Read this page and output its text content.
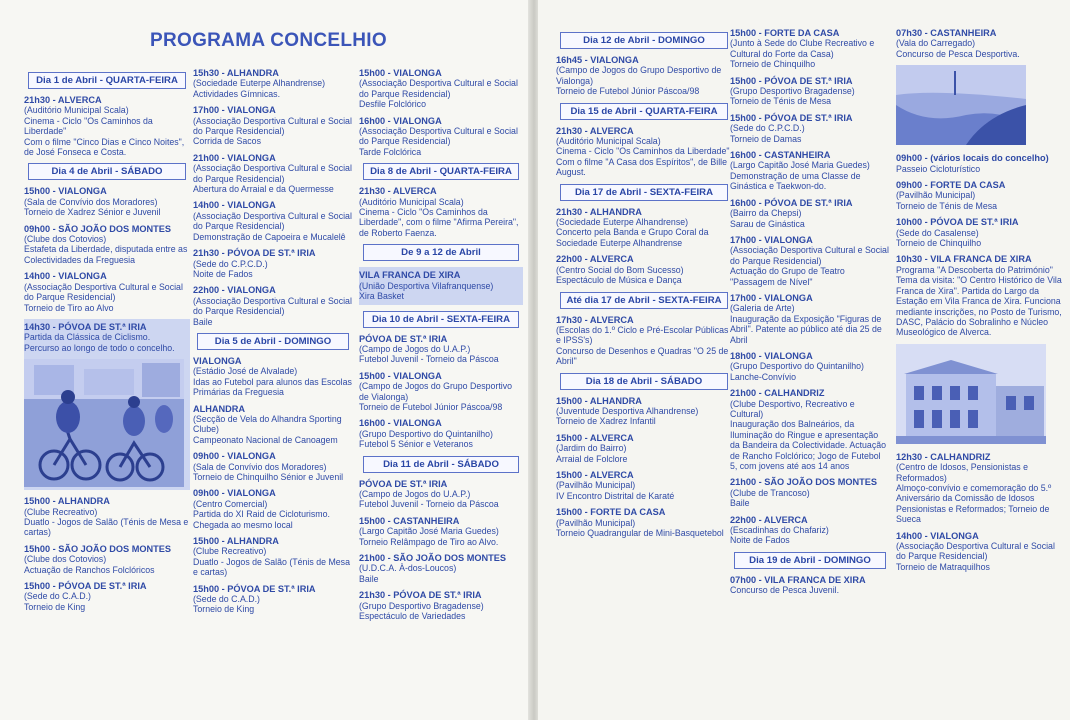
Dia 1 de Abril - QUARTA-FEIRA
21h30 - ALVERCA
(Auditório Municipal Scala)
Cinema - Ciclo "Os Caminhos da Liberdade"
Com o filme "Cinco Dias e Cinco Noites", de José Fonseca e Costa.
Dia 4 de Abril - SÁBADO
15h00 - VIALONGA
(Sala de Convívio dos Moradores)
Torneio de Xadrez Sénior e Juvenil
09h00 - SÃO JOÃO DOS MONTES
(Clube dos Cotovios)
Estafeta da Liberdade, disputada entre as Colectividades da Freguesia
14h00 - VIALONGA
(Associação Desportiva Cultural e Social do Parque Residencial)
Torneio de Tiro ao Alvo
14h30 - PÓVOA DE ST.ª IRIA
Partida da Clássica de Ciclismo.
Percurso ao longo de todo o concelho.
15h00 - ALHANDRA
(Clube Recreativo)
Duatlo - Jogos de Salão (Ténis de Mesa e cartas)
15h00 - SÃO JOÃO DOS MONTES
(Clube dos Cotovios)
Actuação de Ranchos Folclóricos
15h00 - PÓVOA DE ST.ª IRIA
(Sede do C.A.D.)
Torneio de King
15h30 - ALHANDRA
(Sociedade Euterpe Alhandrense)
Actividades Gímnicas.
17h00 - VIALONGA
(Associação Desportiva Cultural e Social do Parque Residencial)
Corrida de Sacos
21h00 - VIALONGA
(Associação Desportiva Cultural e Social do Parque Residencial)
Abertura do Arraial e da Quermesse
14h00 - VIALONGA
(Associação Desportiva Cultural e Social do Parque Residencial)
Demonstração de Capoeira e Mucalelê
21h30 - PÓVOA DE ST.ª IRIA
(Sede do C.P.C.D.)
Noite de Fados
22h00 - VIALONGA
(Associação Desportiva Cultural e Social do Parque Residencial)
Baile
Dia 5 de Abril - DOMINGO
VIALONGA
(Estádio José de Alvalade)
Idas ao Futebol para alunos das Escolas Primárias da Freguesia
ALHANDRA
(Secção de Vela do Alhandra Sporting Clube)
Campeonato Nacional de Canoagem
09h00 - VIALONGA
(Sala de Convívio dos Moradores)
Torneio de Chinquilho Sénior e Juvenil
09h00 - VIALONGA
(Centro Comercial)
Partida do XI Raid de Cicloturismo.
Chegada ao mesmo local
15h00 - ALHANDRA
(Clube Recreativo)
Duatlo - Jogos de Salão (Ténis de Mesa e cartas)
15h00 - PÓVOA DE ST.ª IRIA
(Sede do C.A.D.)
Torneio de King
15h00 - VIALONGA
(Associação Desportiva Cultural e Social do Parque Residencial)
Desfile Folclórico
16h00 - VIALONGA
(Associação Desportiva Cultural e Social do Parque Residencial)
Tarde Folclórica
Dia 8 de Abril - QUARTA-FEIRA
21h30 - ALVERCA
(Auditório Municipal Scala)
Cinema - Ciclo "Os Caminhos da Liberdade", com o filme "Afirma Pereira", de Roberto Faenza.
De 9 a 12 de Abril
VILA FRANCA DE XIRA
(União Desportiva Vilafranquense)
Xira Basket
Dia 10 de Abril - SEXTA-FEIRA
PÓVOA DE ST.ª IRIA
(Campo de Jogos do U.A.P.)
Futebol Juvenil - Torneio da Páscoa
15h00 - VIALONGA
(Campo de Jogos do Grupo Desportivo de Vialonga)
Torneio de Futebol Júnior Páscoa/98
16h00 - VIALONGA
(Grupo Desportivo do Quintanilho)
Futebol 5 Sénior e Veteranos
Dia 11 de Abril - SÁBADO
PÓVOA DE ST.ª IRIA
(Campo de Jogos do U.A.P.)
Futebol Juvenil - Torneio da Páscoa
15h00 - CASTANHEIRA
(Largo Capitão José Maria Guedes)
Torneio Relâmpago de Tiro ao Alvo.
21h00 - SÃO JOÃO DOS MONTES
(U.D.C.A. À-dos-Loucos)
Baile
21h30 - PÓVOA DE ST.ª IRIA
(Grupo Desportivo Bragadense)
Espectáculo de Variedades
PROGRAMA CONCELHIO	Dia 12 de Abril - DOMINGO
16h45 - VIALONGA
(Campo de Jogos do Grupo Desportivo de Vialonga)
Torneio de Futebol Júnior Páscoa/98
Dia 15 de Abril - QUARTA-FEIRA
21h30 - ALVERCA
(Auditório Municipal Scala)
Cinema - Ciclo "Os Caminhos da Liberdade"
Com o filme "A Casa dos Espíritos", de Bille August.
Dia 17 de Abril - SEXTA-FEIRA
21h30 - ALHANDRA
(Sociedade Euterpe Alhandrense)
Concerto pela Banda e Grupo Coral da Sociedade Euterpe Alhandrense
22h00 - ALVERCA
(Centro Social do Bom Sucesso)
Espectáculo de Música e Dança
Até dia 17 de Abril - SEXTA-FEIRA
17h30 - ALVERCA
(Escolas do 1.º Ciclo e Pré-Escolar Públicas e IPSS's)
Concurso de Desenhos e Quadras "O 25 de Abril"
Dia 18 de Abril - SÁBADO
15h00 - ALHANDRA
(Juventude Desportiva Alhandrense)
Torneio de Xadrez Infantil
15h00 - ALVERCA
(Jardim do Bairro)
Arraial de Folclore
15h00 - ALVERCA
(Pavilhão Municipal)
IV Encontro Distrital de Karaté
15h00 - FORTE DA CASA
(Pavilhão Municipal)
Torneio Quadrangular de Mini-Basquetebol
15h00 - FORTE DA CASA
(Junto à Sede do Clube Recreativo e Cultural do Forte da Casa)
Torneio de Chinquilho
15h00 - PÓVOA DE ST.ª IRIA
(Grupo Desportivo Bragadense)
Torneio de Ténis de Mesa
15h00 - PÓVOA DE ST.ª IRIA
(Sede do C.P.C.D.)
Torneio de Damas
16h00 - CASTANHEIRA
(Largo Capitão José Maria Guedes)
Demonstração de uma Classe de Ginástica e Taekwon-do.
16h00 - PÓVOA DE ST.ª IRIA
(Bairro da Chepsi)
Sarau de Ginástica
17h00 - VIALONGA
(Associação Desportiva Cultural e Social do Parque Residencial)
Actuação do Grupo de Teatro "Passagem de Nível"
17h00 - VIALONGA
(Galeria de Arte)
Inauguração da Exposição "Figuras de Abril". Patente ao público até dia 25 de Abril
18h00 - VIALONGA
(Grupo Desportivo do Quintanilho)
Lanche-Convívio
21h00 - CALHANDRIZ
(Clube Desportivo, Recreativo e Cultural)
Inauguração dos Balneários, da Iluminação do Ringue e apresentação da Bandeira da Colectividade. Actuação de Rancho Folclórico; Jogo de Futebol 5, com jovens até aos 14 anos
21h00 - SÃO JOÃO DOS MONTES
(Clube de Trancoso)
Baile
22h00 - ALVERCA
(Escadinhas do Chafariz)
Noite de Fados
Dia 19 de Abril - DOMINGO
07h00 - VILA FRANCA DE XIRA
Concurso de Pesca Juvenil.
07h30 - CASTANHEIRA
(Vala do Carregado)
Concurso de Pesca Desportiva.
09h00 - (vários locais do concelho)
Passeio Cicloturístico
09h00 - FORTE DA CASA
(Pavilhão Municipal)
Torneio de Ténis de Mesa
10h00 - PÓVOA DE ST.ª IRIA
(Sede do Casalense)
Torneio de Chinquilho
10h30 - VILA FRANCA DE XIRA
Programa "A Descoberta do Património"
Tema da visita: "O Centro Histórico de Vila Franca de Xira". Partida do Largo da Estação em Vila Franca de Xira. Funciona mediante inscrições, no Posto de Turismo, DASC, Palácio do Sobralinho e Núcleo Museológico de Alverca.
12h30 - CALHANDRIZ
(Centro de Idosos, Pensionistas e Reformados)
Almoço-convívio e comemoração do 5.º Aniversário da Comissão de Idosos Pensionistas e Reformados; Torneio de Sueca
14h00 - VIALONGA
(Associação Desportiva Cultural e Social do Parque Residencial)
Torneio de Matraquilhos
